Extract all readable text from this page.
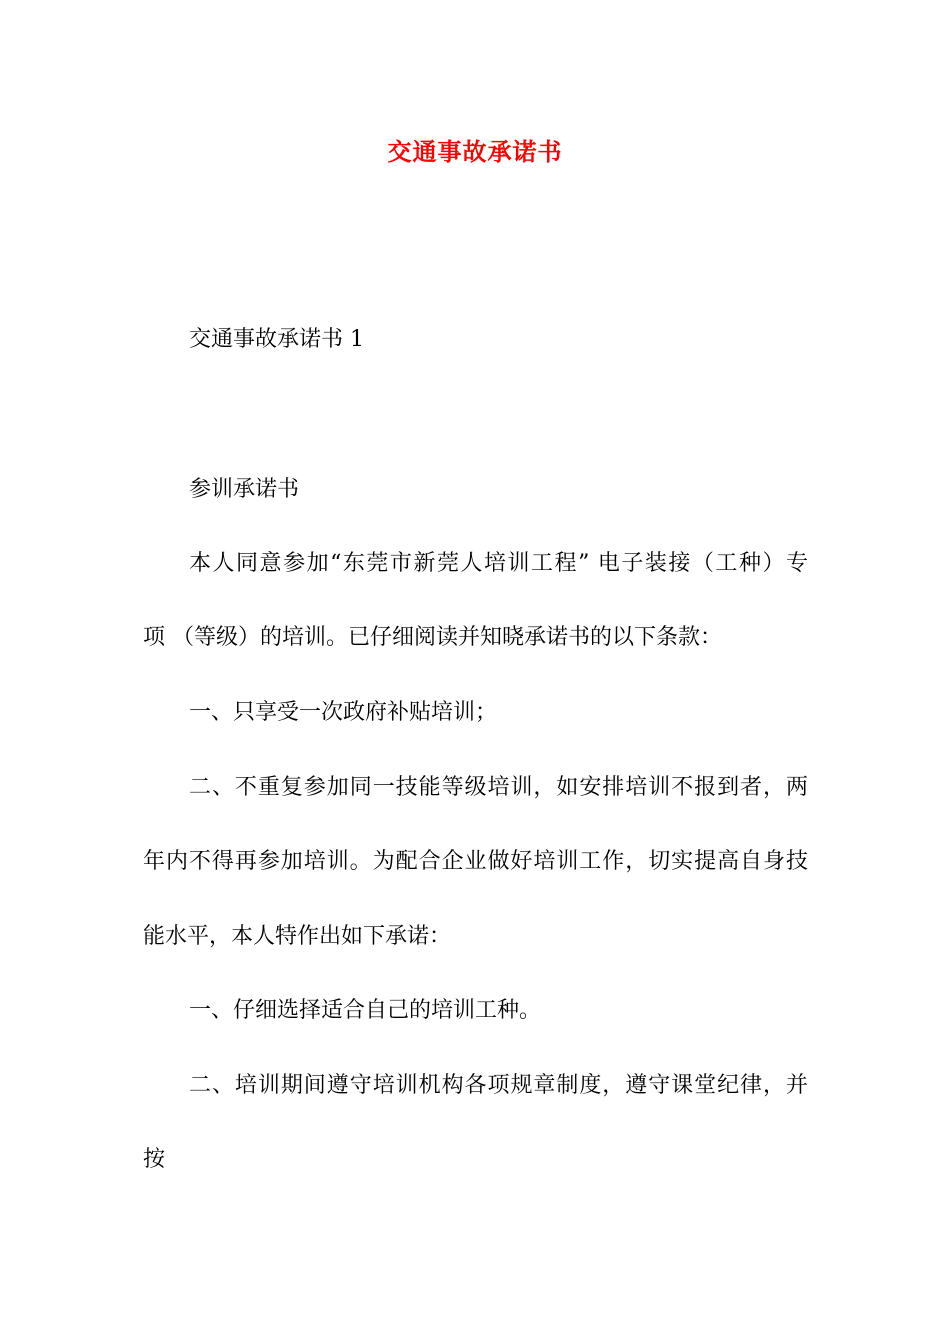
交通事故承诺书
交通事故承诺书 1
参训承诺书
本人同意参加“东莞市新莞人培训工程” 电子装接（工种）专
项 （等级）的培训。已仔细阅读并知晓承诺书的以下条款：
一、只享受一次政府补贴培训；
二、不重复参加同一技能等级培训，如安排培训不报到者，两
年内不得再参加培训。为配合企业做好培训工作，切实提高自身技
能水平，本人特作出如下承诺：
一、仔细选择适合自己的培训工种。
二、培训期间遵守培训机构各项规章制度，遵守课堂纪律，并
按
